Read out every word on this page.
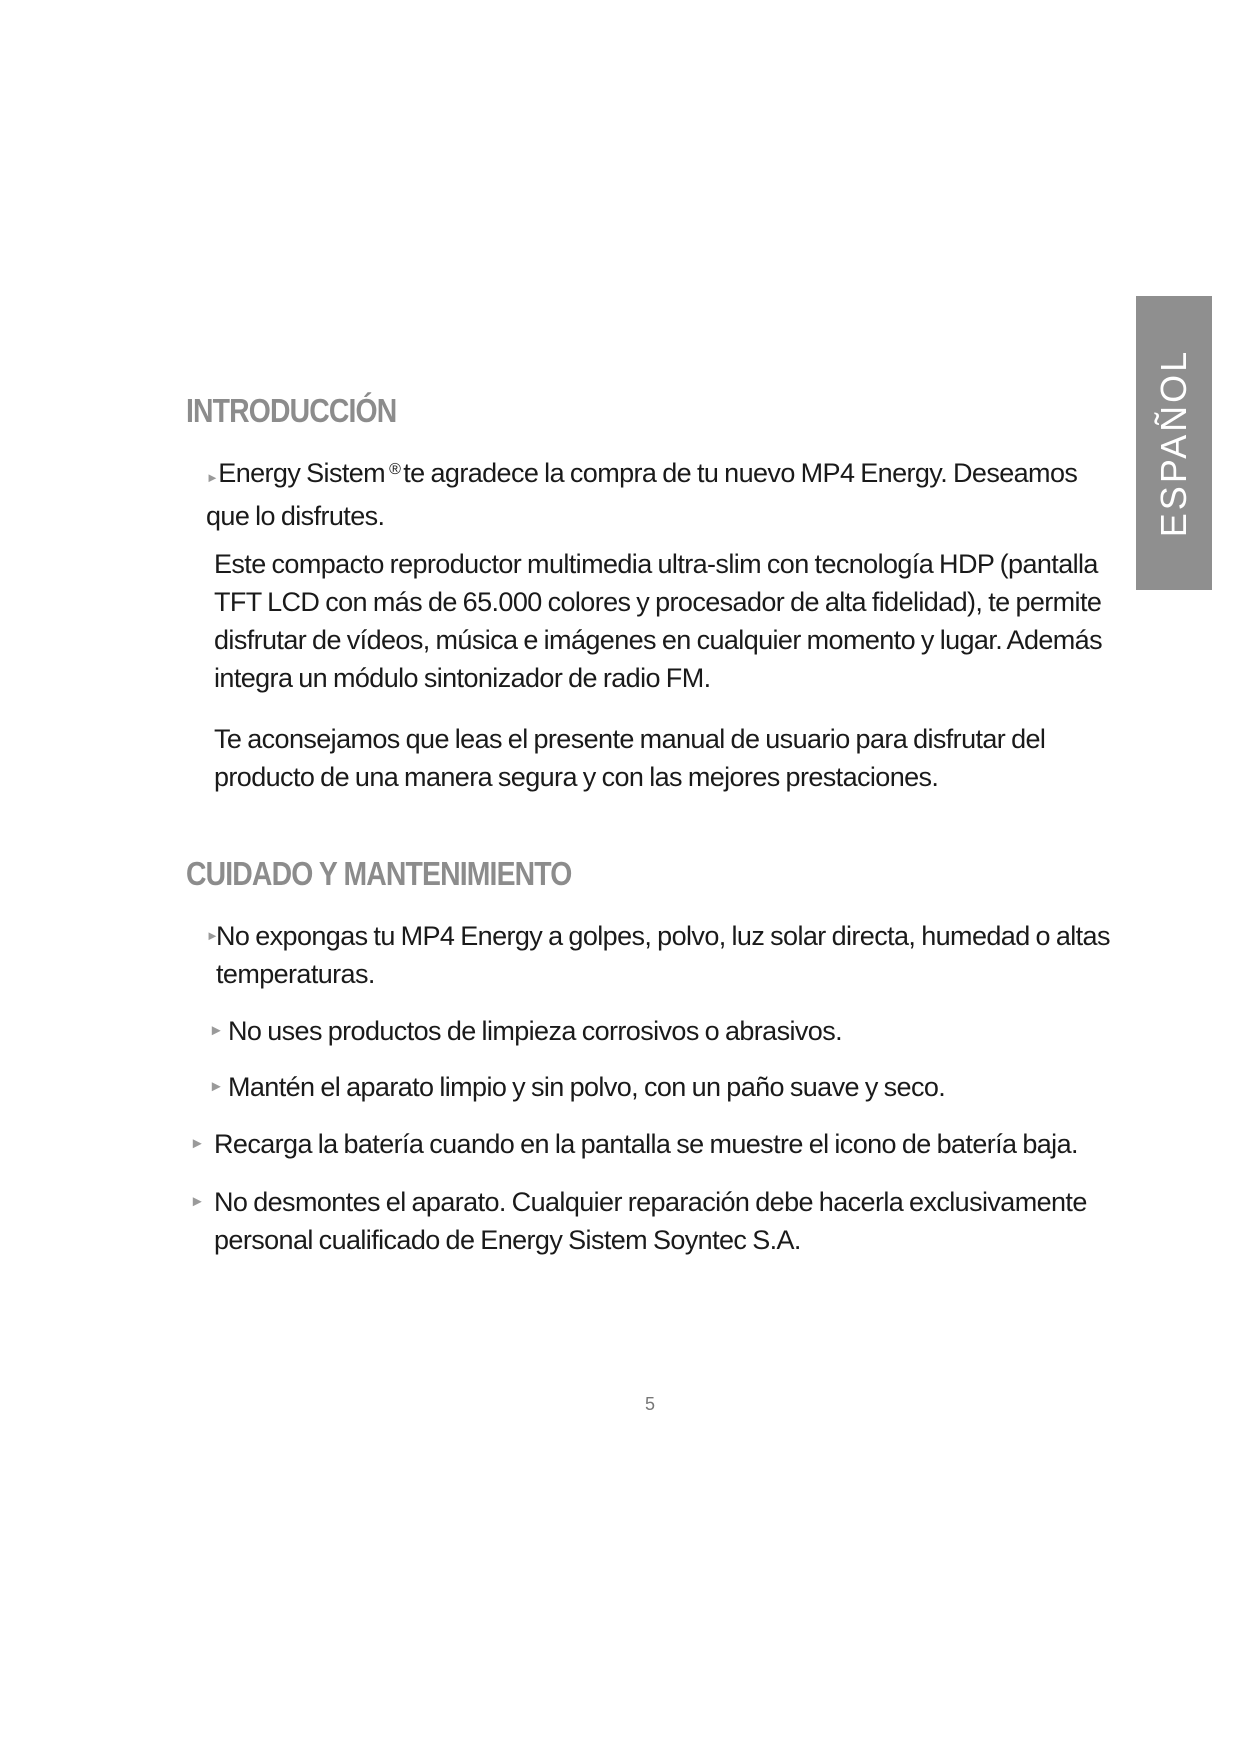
ESPAÑOL
INTRODUCCIÓN

►Energy Sistem ® te agradece la compra de tu nuevo MP4 Energy. Deseamos que lo disfrutes.

Este compacto reproductor multimedia ultra-slim con tecnología HDP (pantalla TFT LCD con más de 65.000 colores y procesador de alta fidelidad), te permite disfrutar de vídeos, música e imágenes en cualquier momento y lugar. Además integra un módulo sintonizador de radio FM.

Te aconsejamos que leas el presente manual de usuario para disfrutar del producto de una manera segura y con las mejores prestaciones.

CUIDADO Y MANTENIMIENTO
►
No expongas tu MP4 Energy a golpes, polvo, luz solar directa, humedad o altas temperaturas.
► No uses productos de limpieza corrosivos o abrasivos.
► Mantén el aparato limpio y sin polvo, con un paño suave y seco.
► Recarga la batería cuando en la pantalla se muestre el icono de batería baja.
► No desmontes el aparato. Cualquier reparación debe hacerla exclusivamente personal cualificado de Energy Sistem Soyntec S.A.
5
